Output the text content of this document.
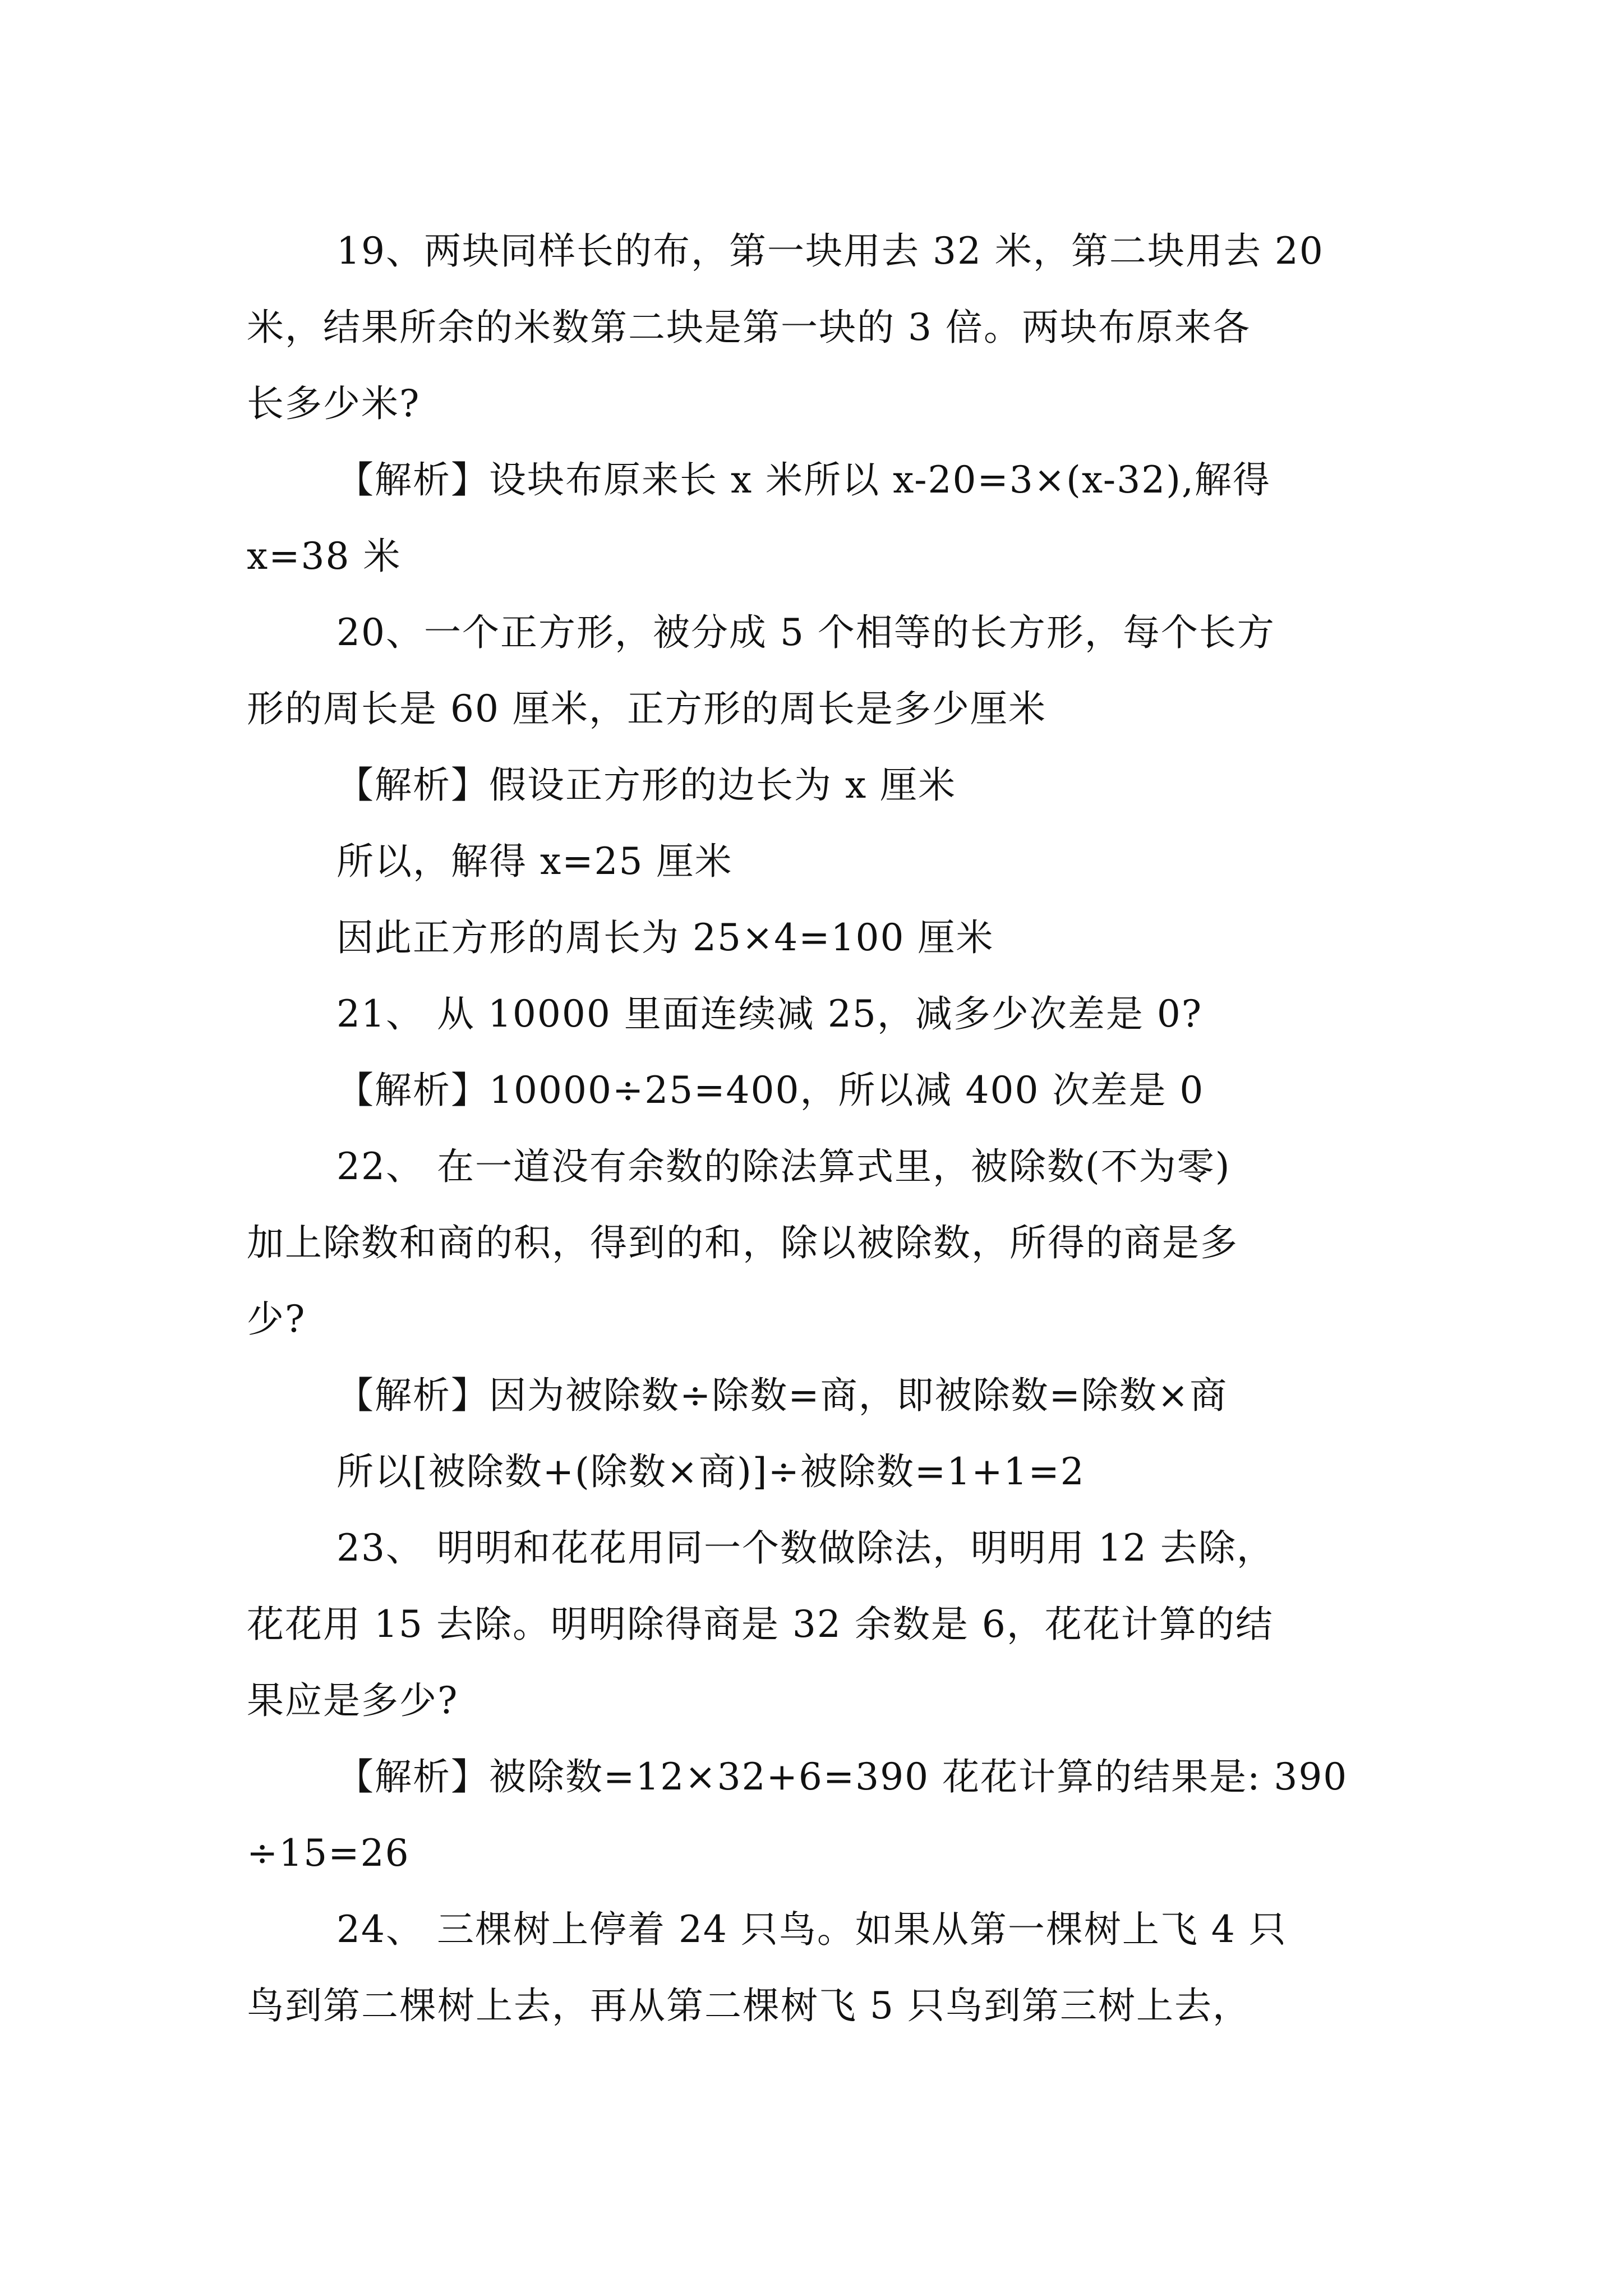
19、两块同样长的布，第一块用去 32 米，第二块用去 20
米，结果所余的米数第二块是第一块的 3 倍。两块布原来各
长多少米?
【解析】设块布原来长 x 米所以 x-20=3×(x-32),解得
x=38 米
20、一个正方形，被分成 5 个相等的长方形，每个长方
形的周长是 60 厘米，正方形的周长是多少厘米
【解析】假设正方形的边长为 x 厘米
所以，解得 x=25 厘米
因此正方形的周长为 25×4=100 厘米
21、 从 10000 里面连续减 25，减多少次差是 0?
【解析】10000÷25=400，所以减 400 次差是 0
22、 在一道没有余数的除法算式里，被除数(不为零)
加上除数和商的积，得到的和，除以被除数，所得的商是多
少?
【解析】因为被除数÷除数=商，即被除数=除数×商
所以[被除数+(除数×商)]÷被除数=1+1=2
23、 明明和花花用同一个数做除法，明明用 12 去除，
花花用 15 去除。明明除得商是 32 余数是 6，花花计算的结
果应是多少?
【解析】被除数=12×32+6=390 花花计算的结果是: 390
÷15=26
24、 三棵树上停着 24 只鸟。如果从第一棵树上飞 4 只
鸟到第二棵树上去，再从第二棵树飞 5 只鸟到第三树上去，
